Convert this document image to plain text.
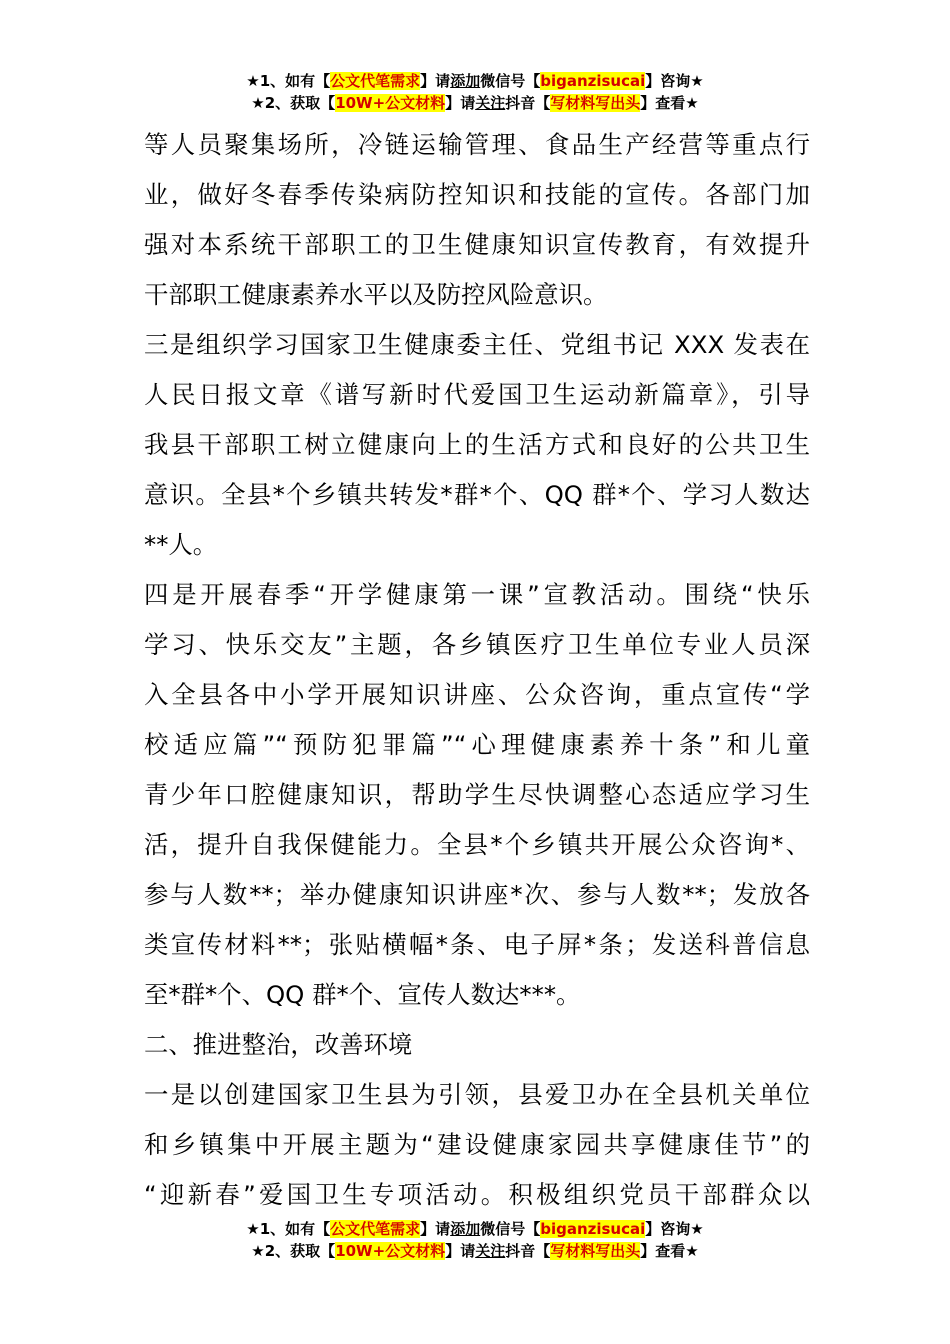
★1、如有【公文代笔需求】请添加微信号【biganzisucai】咨询★
★2、获取【10W+公文材料】请关注抖音【写材料写出头】查看★
等人员聚集场所，冷链运输管理、食品生产经营等重点行
业，做好冬春季传染病防控知识和技能的宣传。各部门加
强对本系统干部职工的卫生健康知识宣传教育，有效提升
干部职工健康素养水平以及防控风险意识。
三是组织学习国家卫生健康委主任、党组书记 XXX 发表在
人民日报文章《谱写新时代爱国卫生运动新篇章》，引导
我县干部职工树立健康向上的生活方式和良好的公共卫生
意识。全县*个乡镇共转发*群*个、QQ 群*个、学习人数达
**人。
四是开展春季“开学健康第一课”宣教活动。围绕“快乐
学习、快乐交友”主题，各乡镇医疗卫生单位专业人员深
入全县各中小学开展知识讲座、公众咨询，重点宣传“学
校适应篇”“预防犯罪篇”“心理健康素养十条”和儿童
青少年口腔健康知识，帮助学生尽快调整心态适应学习生
活，提升自我保健能力。全县*个乡镇共开展公众咨询*、
参与人数**；举办健康知识讲座*次、参与人数**；发放各
类宣传材料**；张贴横幅*条、电子屏*条；发送科普信息
至*群*个、QQ 群*个、宣传人数达***。
二、推进整治，改善环境
一是以创建国家卫生县为引领，县爱卫办在全县机关单位
和乡镇集中开展主题为“建设健康家园共享健康佳节”的
“迎新春”爱国卫生专项活动。积极组织党员干部群众以
★1、如有【公文代笔需求】请添加微信号【biganzisucai】咨询★
★2、获取【10W+公文材料】请关注抖音【写材料写出头】查看★
